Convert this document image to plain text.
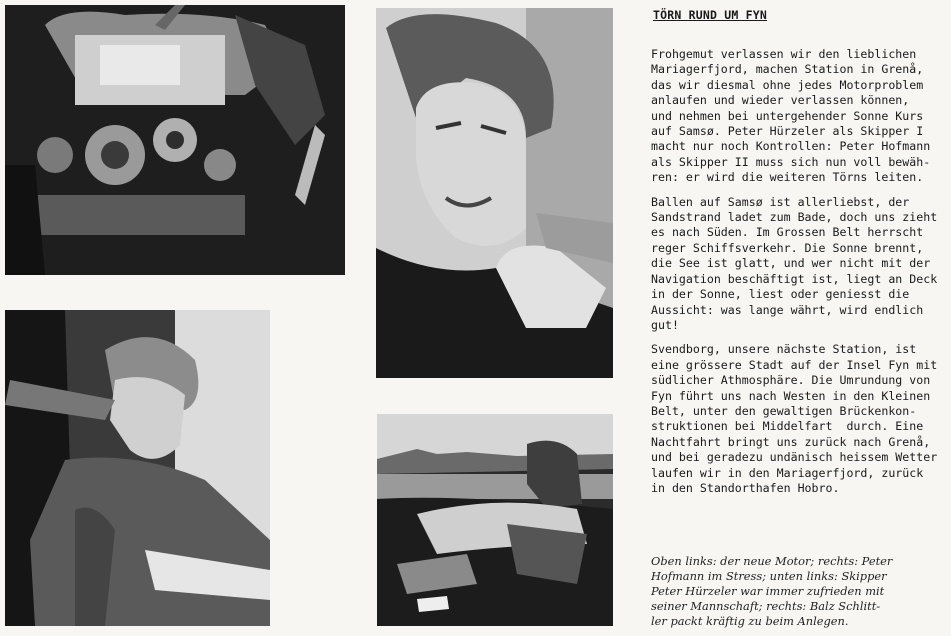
TÖRN RUND UM FYN
Frohgemut verlassen wir den lieblichen
Mariagerfjord, machen Station in Grenå,
das wir diesmal ohne jedes Motorproblem
anlaufen und wieder verlassen können,
und nehmen bei untergehender Sonne Kurs
auf Samsø. Peter Hürzeler als Skipper I
macht nur noch Kontrollen: Peter Hofmann
als Skipper II muss sich nun voll bewäh-
ren: er wird die weiteren Törns leiten.
Ballen auf Samsø ist allerliebst, der
Sandstrand ladet zum Bade, doch uns zieht
es nach Süden. Im Grossen Belt herrscht
reger Schiffsverkehr. Die Sonne brennt,
die See ist glatt, und wer nicht mit der
Navigation beschäftigt ist, liegt an Deck
in der Sonne, liest oder geniesst die
Aussicht: was lange währt, wird endlich
gut!
Svendborg, unsere nächste Station, ist
eine grössere Stadt auf der Insel Fyn mit
südlicher Athmosphäre. Die Umrundung von
Fyn führt uns nach Westen in den Kleinen
Belt, unter den gewaltigen Brückenkon-
struktionen bei Middelfart  durch. Eine
Nachtfahrt bringt uns zurück nach Grenå,
und bei geradezu undänisch heissem Wetter
laufen wir in den Mariagerfjord, zurück
in den Standorthafen Hobro.
Oben links: der neue Motor; rechts: Peter
Hofmann im Stress; unten links: Skipper
Peter Hürzeler war immer zufrieden mit
seiner Mannschaft; rechts: Balz Schlitt-
ler packt kräftig zu beim Anlegen.
